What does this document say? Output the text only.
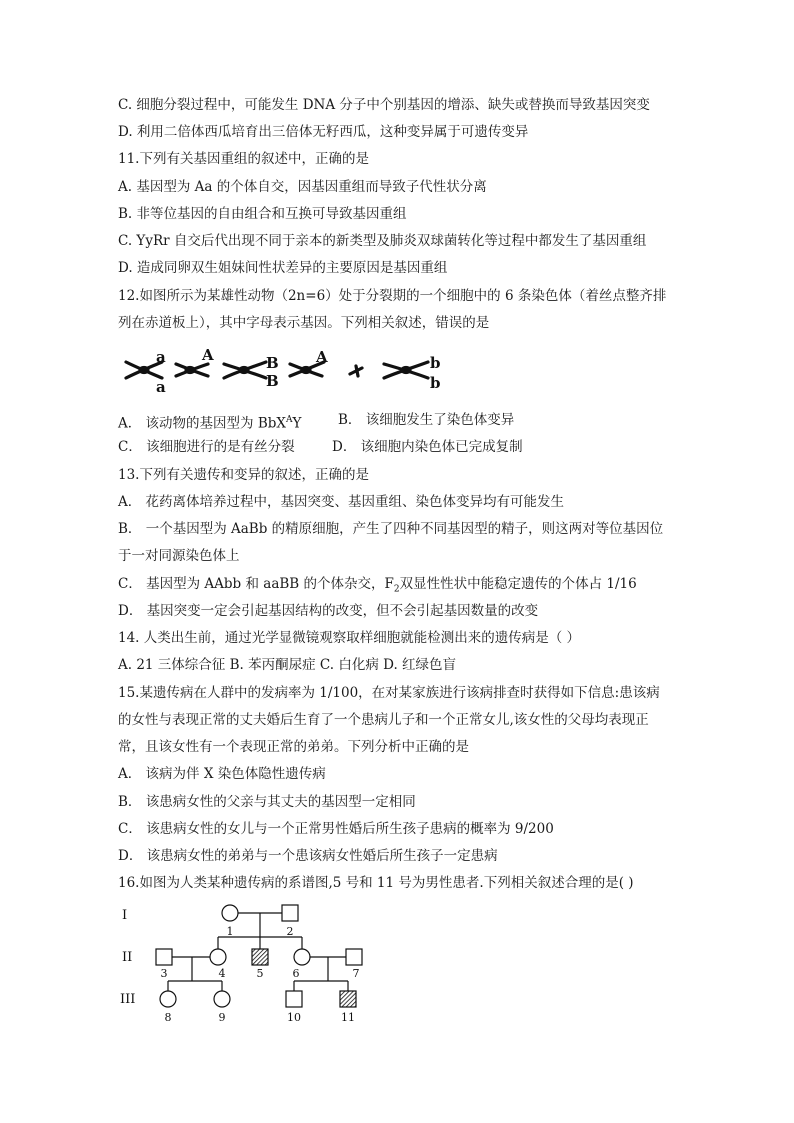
C. 细胞分裂过程中，可能发生 DNA 分子中个别基因的增添、缺失或替换而导致基因突变
D. 利用二倍体西瓜培育出三倍体无籽西瓜，这种变异属于可遗传变异
11.下列有关基因重组的叙述中，正确的是
A. 基因型为 Aa 的个体自交，因基因重组而导致子代性状分离
B. 非等位基因的自由组合和互换可导致基因重组
C. YyRr 自交后代出现不同于亲本的新类型及肺炎双球菌转化等过程中都发生了基因重组
D. 造成同卵双生姐妹间性状差异的主要原因是基因重组
12.如图所示为某雄性动物（2n=6）处于分裂期的一个细胞中的 6 条染色体（着丝点整齐排
列在赤道板上），其中字母表示基因。下列相关叙述，错误的是
a
a
A	B
B
A	b
b
A． 该动物的基因型为 BbX$^A$Y	B． 该细胞发生了染色体变异
C． 该细胞进行的是有丝分裂	D． 该细胞内染色体已完成复制
13.下列有关遗传和变异的叙述，正确的是
A． 花药离体培养过程中，基因突变、基因重组、染色体变异均有可能发生
B． 一个基因型为 AaBb 的精原细胞，产生了四种不同基因型的精子，则这两对等位基因位
于一对同源染色体上
C． 基因型为 AAbb 和 aaBB 的个体杂交，$F_2$双显性性状中能稳定遗传的个体占 1/16
D． 基因突变一定会引起基因结构的改变，但不会引起基因数量的改变
14. 人类出生前，通过光学显微镜观察取样细胞就能检测出来的遗传病是（ ）
A. 21 三体综合征 B. 苯丙酮尿症 C. 白化病 D. 红绿色盲
15.某遗传病在人群中的发病率为 1/100，在对某家族进行该病排查时获得如下信息:患该病
的女性与表现正常的丈夫婚后生育了一个患病儿子和一个正常女儿,该女性的父母均表现正
常，且该女性有一个表现正常的弟弟。下列分析中正确的是
A． 该病为伴 X 染色体隐性遗传病
B． 该患病女性的父亲与其丈夫的基因型一定相同
C． 该患病女性的女儿与一个正常男性婚后所生孩子患病的概率为 9/200
D． 该患病女性的弟弟与一个患该病女性婚后所生孩子一定患病
16.如图为人类某种遗传病的系谱图,5 号和 11 号为男性患者.下列相关叙述合理的是( )
I
II
III
1	2
3	4	5	6	7
8	9	10	11
